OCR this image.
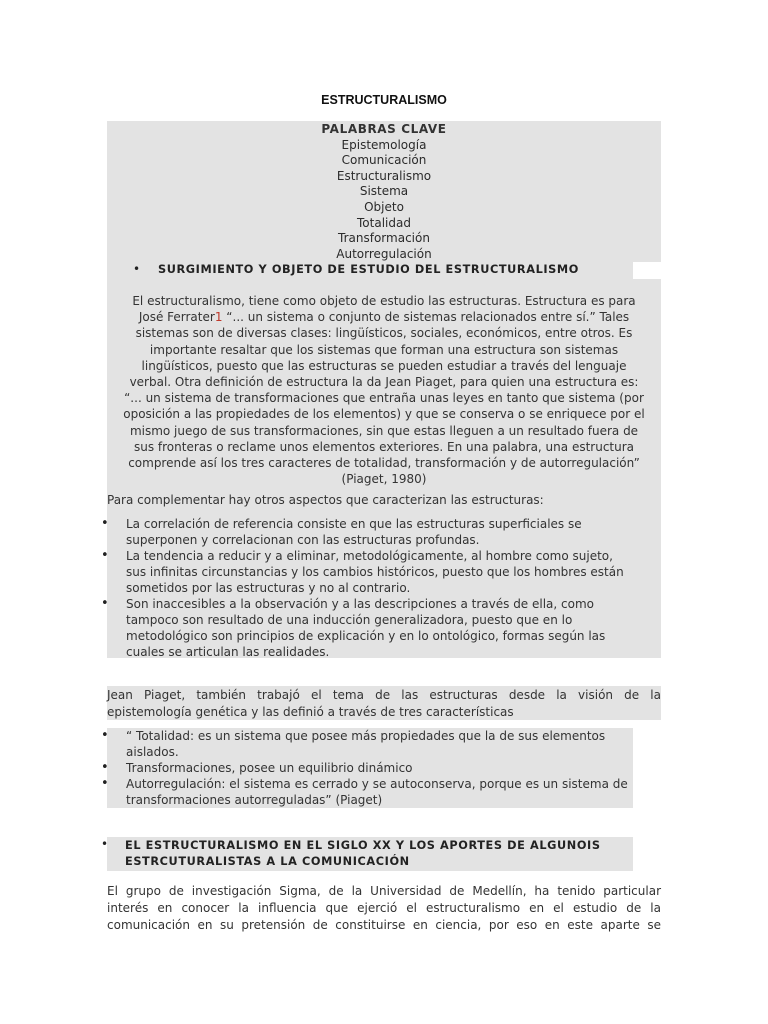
ESTRUCTURALISMO
PALABRAS CLAVE
Epistemología
Comunicación
Estructuralismo
Sistema
Objeto
Totalidad
Transformación
Autorregulación
• SURGIMIENTO Y OBJETO DE ESTUDIO DEL ESTRUCTURALISMO
El estructuralismo, tiene como objeto de estudio las estructuras. Estructura es para
José Ferrater1 “... un sistema o conjunto de sistemas relacionados entre sí.” Tales
sistemas son de diversas clases: lingüísticos, sociales, económicos, entre otros. Es
importante resaltar que los sistemas que forman una estructura son sistemas
lingüísticos, puesto que las estructuras se pueden estudiar a través del lenguaje
verbal. Otra definición de estructura la da Jean Piaget, para quien una estructura es:
“... un sistema de transformaciones que entraña unas leyes en tanto que sistema (por
oposición a las propiedades de los elementos) y que se conserva o se enriquece por el
mismo juego de sus transformaciones, sin que estas lleguen a un resultado fuera de
sus fronteras o reclame unos elementos exteriores. En una palabra, una estructura
comprende así los tres caracteres de totalidad, transformación y de autorregulación”
(Piaget, 1980)
Para complementar hay otros aspectos que caracterizan las estructuras:
• La correlación de referencia consiste en que las estructuras superficiales se superponen y correlacionan con las estructuras profundas.
• La tendencia a reducir y a eliminar, metodológicamente, al hombre como sujeto, sus infinitas circunstancias y los cambios históricos, puesto que los hombres están sometidos por las estructuras y no al contrario.
• Son inaccesibles a la observación y a las descripciones a través de ella, como tampoco son resultado de una inducción generalizadora, puesto que en lo metodológico son principios de explicación y en lo ontológico, formas según las cuales se articulan las realidades.
Jean Piaget, también trabajó el tema de las estructuras desde la visión de la
epistemología genética y las definió a través de tres características
• “ Totalidad: es un sistema que posee más propiedades que la de sus elementos aislados.
• Transformaciones, posee un equilibrio dinámico
• Autorregulación: el sistema es cerrado y se autoconserva, porque es un sistema de transformaciones autorreguladas” (Piaget)
• EL ESTRUCTURALISMO EN EL SIGLO XX Y LOS APORTES DE ALGUNOIS ESTRCUTURALISTAS A LA COMUNICACIÓN
El grupo de investigación Sigma, de la Universidad de Medellín, ha tenido particular
interés en conocer la influencia que ejerció el estructuralismo en el estudio de la
comunicación en su pretensión de constituirse en ciencia, por eso en este aparte se
